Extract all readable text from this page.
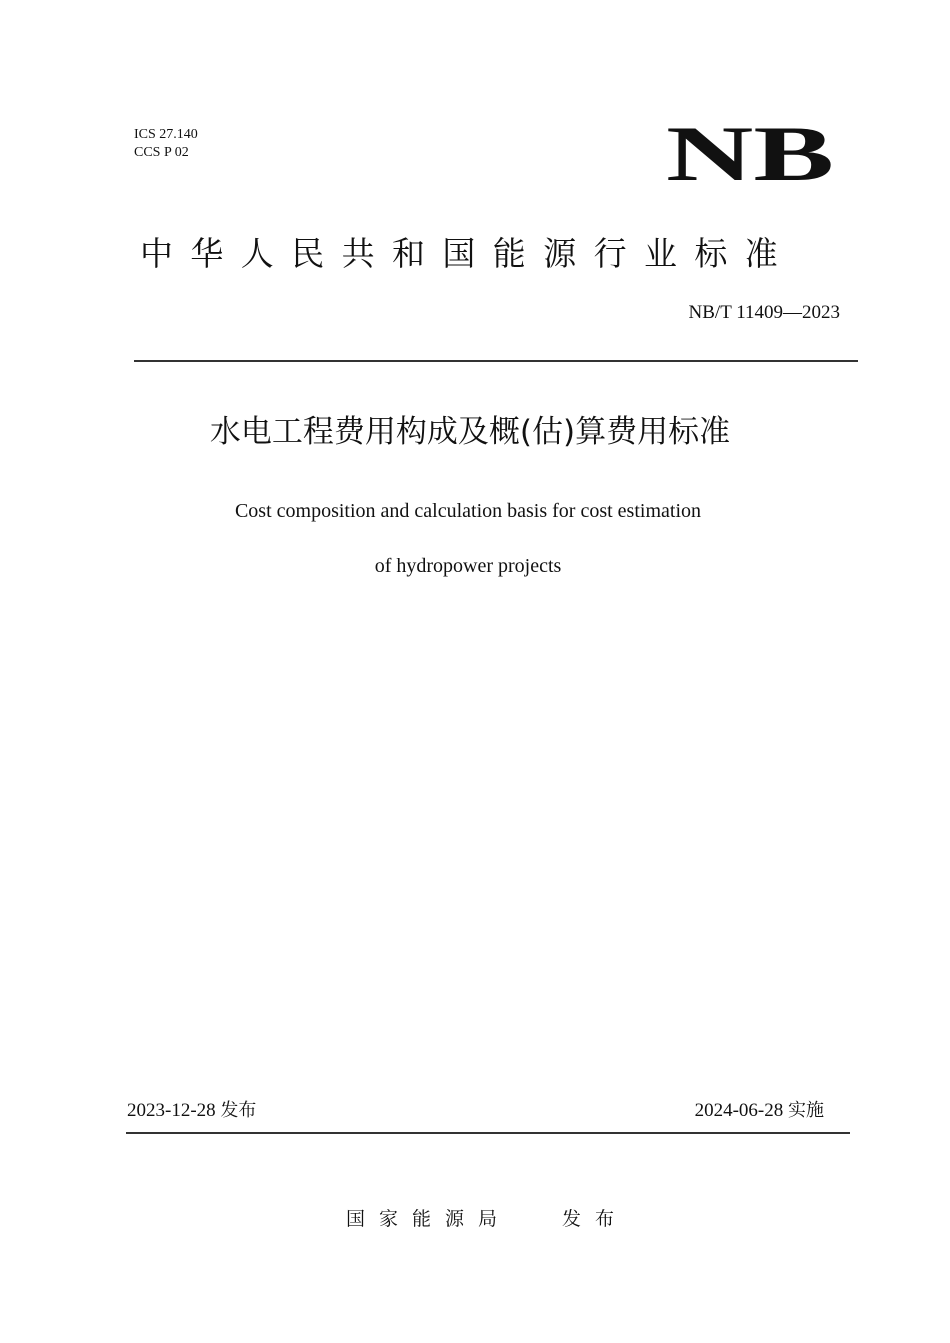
ICS 27.140
CCS P 02	NB
中华人民共和国能源行业标准
NB/T 11409—2023
水电工程费用构成及概(估)算费用标准
Cost composition and calculation basis for cost estimation
of hydropower projects
2023-12-28 发布	2024-06-28 实施
国家能源局	发布
